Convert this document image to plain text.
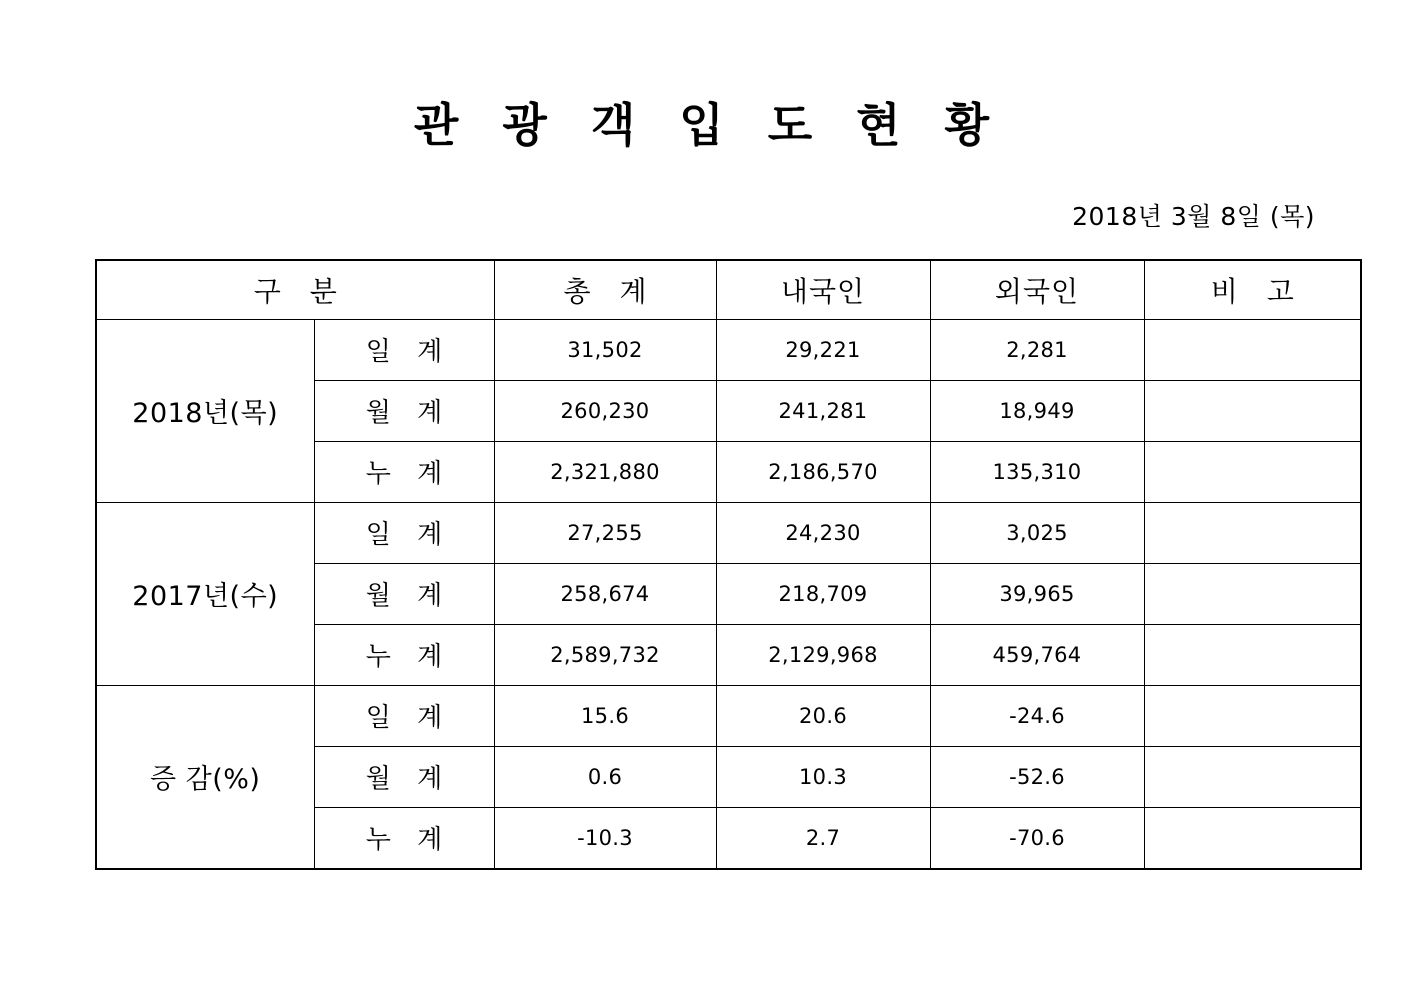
관 광 객 입 도 현 황
2018년 3월 8일 (목)
구 분		총 계	내국인	외국인	비 고
2018년(목)	일 계	31,502	29,221	2,281	
	월 계	260,230	241,281	18,949	
	누 계	2,321,880	2,186,570	135,310	
2017년(수)	일 계	27,255	24,230	3,025	
	월 계	258,674	218,709	39,965	
	누 계	2,589,732	2,129,968	459,764	
증 감(%)	일 계	15.6	20.6	-24.6	
	월 계	0.6	10.3	-52.6	
	누 계	-10.3	2.7	-70.6	
